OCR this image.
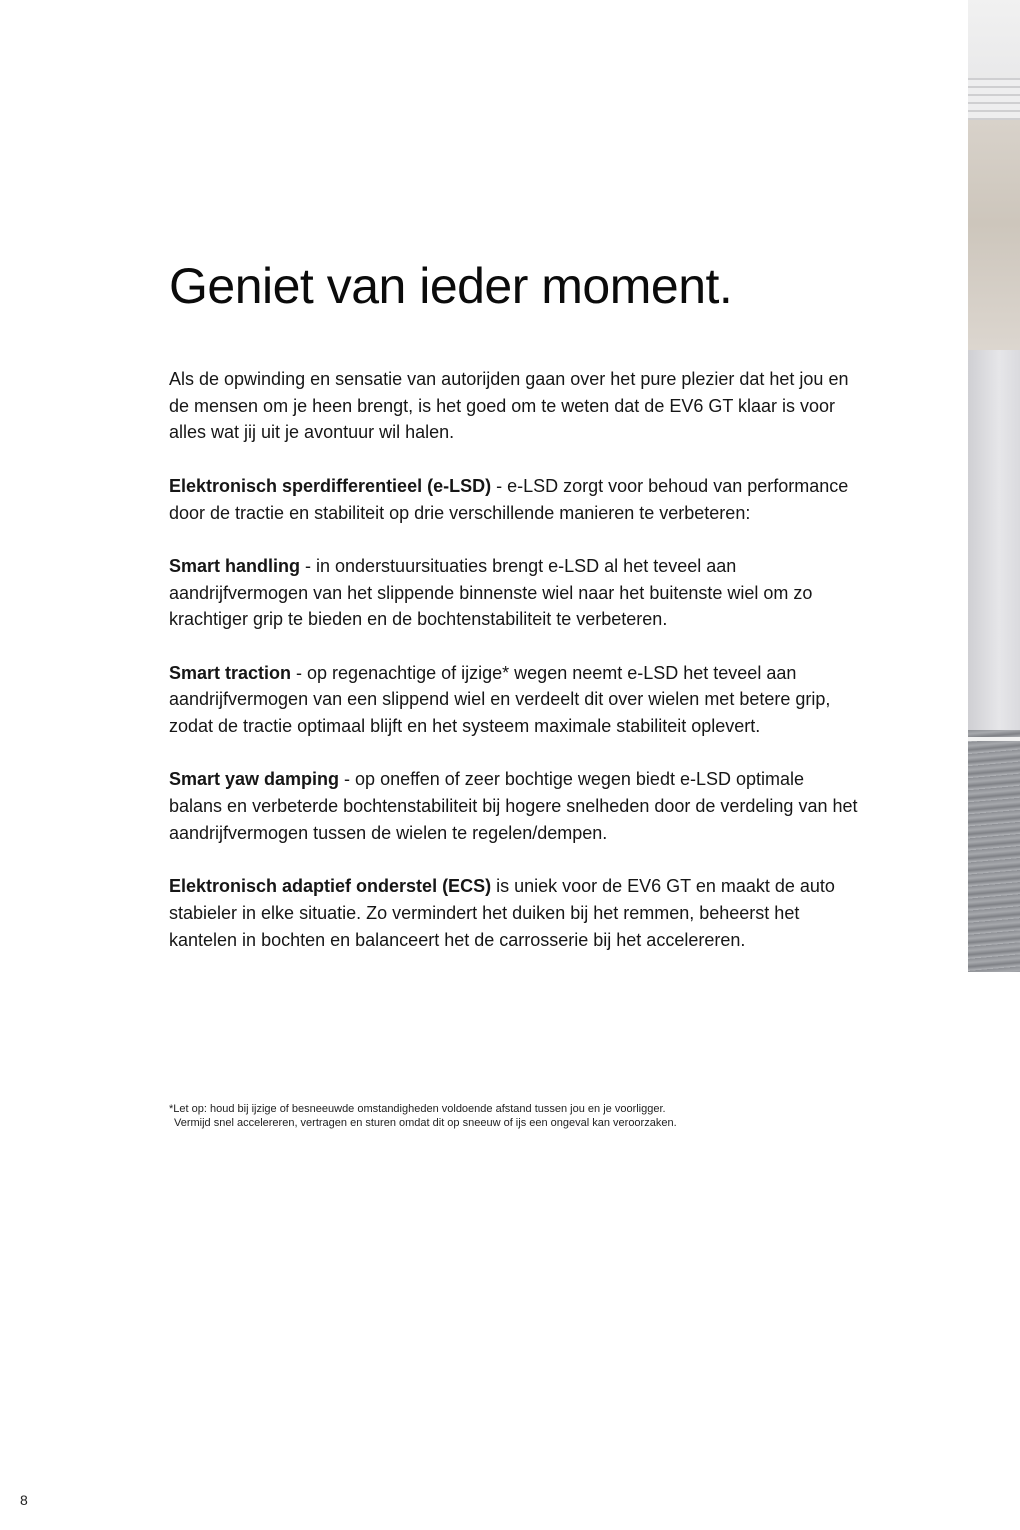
Geniet van ieder moment.

Als de opwinding en sensatie van autorijden gaan over het pure plezier dat het jou en de mensen om je heen brengt, is het goed om te weten dat de EV6 GT klaar is voor alles wat jij uit je avontuur wil halen.

Elektronisch sperdifferentieel (e-LSD) - e-LSD zorgt voor behoud van performance door de tractie en stabiliteit op drie verschillende manieren te verbeteren:

Smart handling - in onderstuursituaties brengt e-LSD al het teveel aan aandrijfvermogen van het slippende binnenste wiel naar het buitenste wiel om zo krachtiger grip te bieden en de bochtenstabiliteit te verbeteren.

Smart traction - op regenachtige of ijzige* wegen neemt e-LSD het teveel aan aandrijfvermogen van een slippend wiel en verdeelt dit over wielen met betere grip, zodat de tractie optimaal blijft en het systeem maximale stabiliteit oplevert.

Smart yaw damping - op oneffen of zeer bochtige wegen biedt e-LSD optimale balans en verbeterde bochtenstabiliteit bij hogere snelheden door de verdeling van het aandrijfvermogen tussen de wielen te regelen/dempen.

Elektronisch adaptief onderstel (ECS) is uniek voor de EV6 GT en maakt de auto stabieler in elke situatie. Zo vermindert het duiken bij het remmen, beheerst het kantelen in bochten en balanceert het de carrosserie bij het accelereren.

*Let op: houd bij ijzige of besneeuwde omstandigheden voldoende afstand tussen jou en je voorligger.
Vermijd snel accelereren, vertragen en sturen omdat dit op sneeuw of ijs een ongeval kan veroorzaken.
8
